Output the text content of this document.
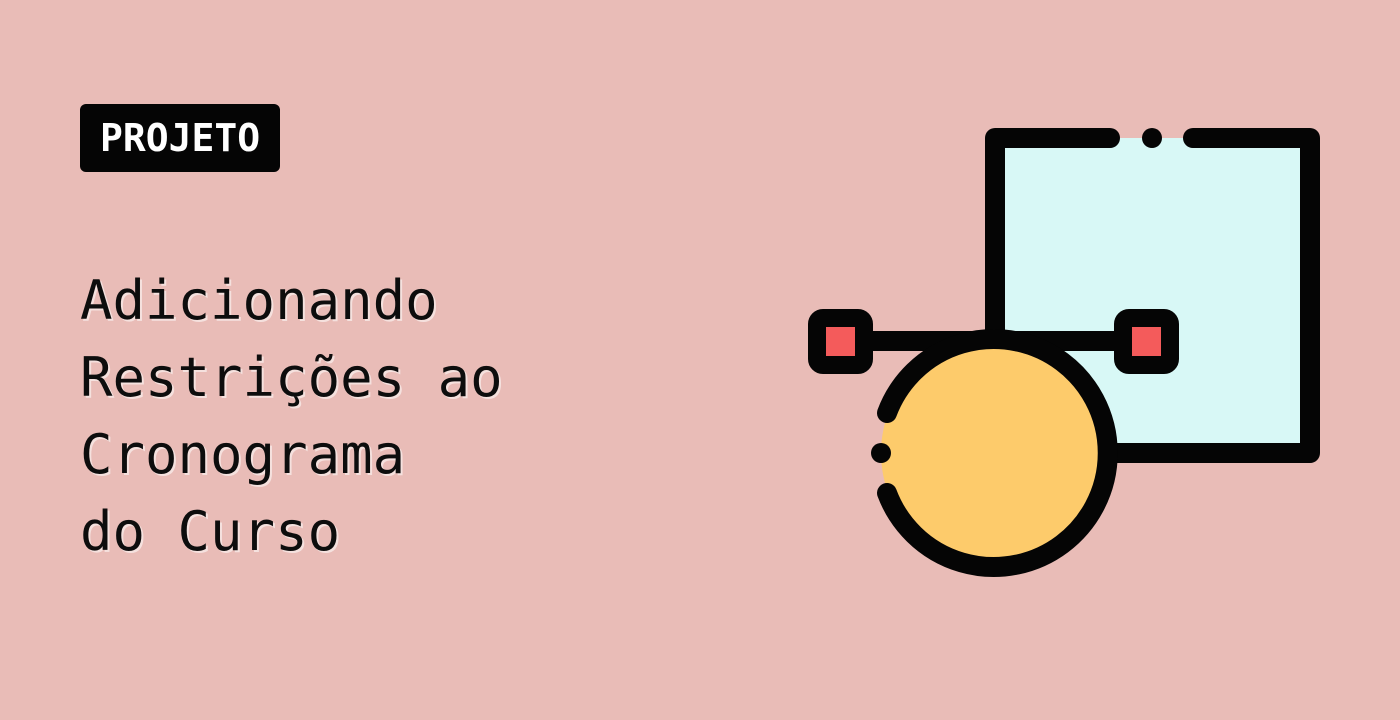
PROJETO
Adicionando
Restrições ao
Cronograma
do Curso
